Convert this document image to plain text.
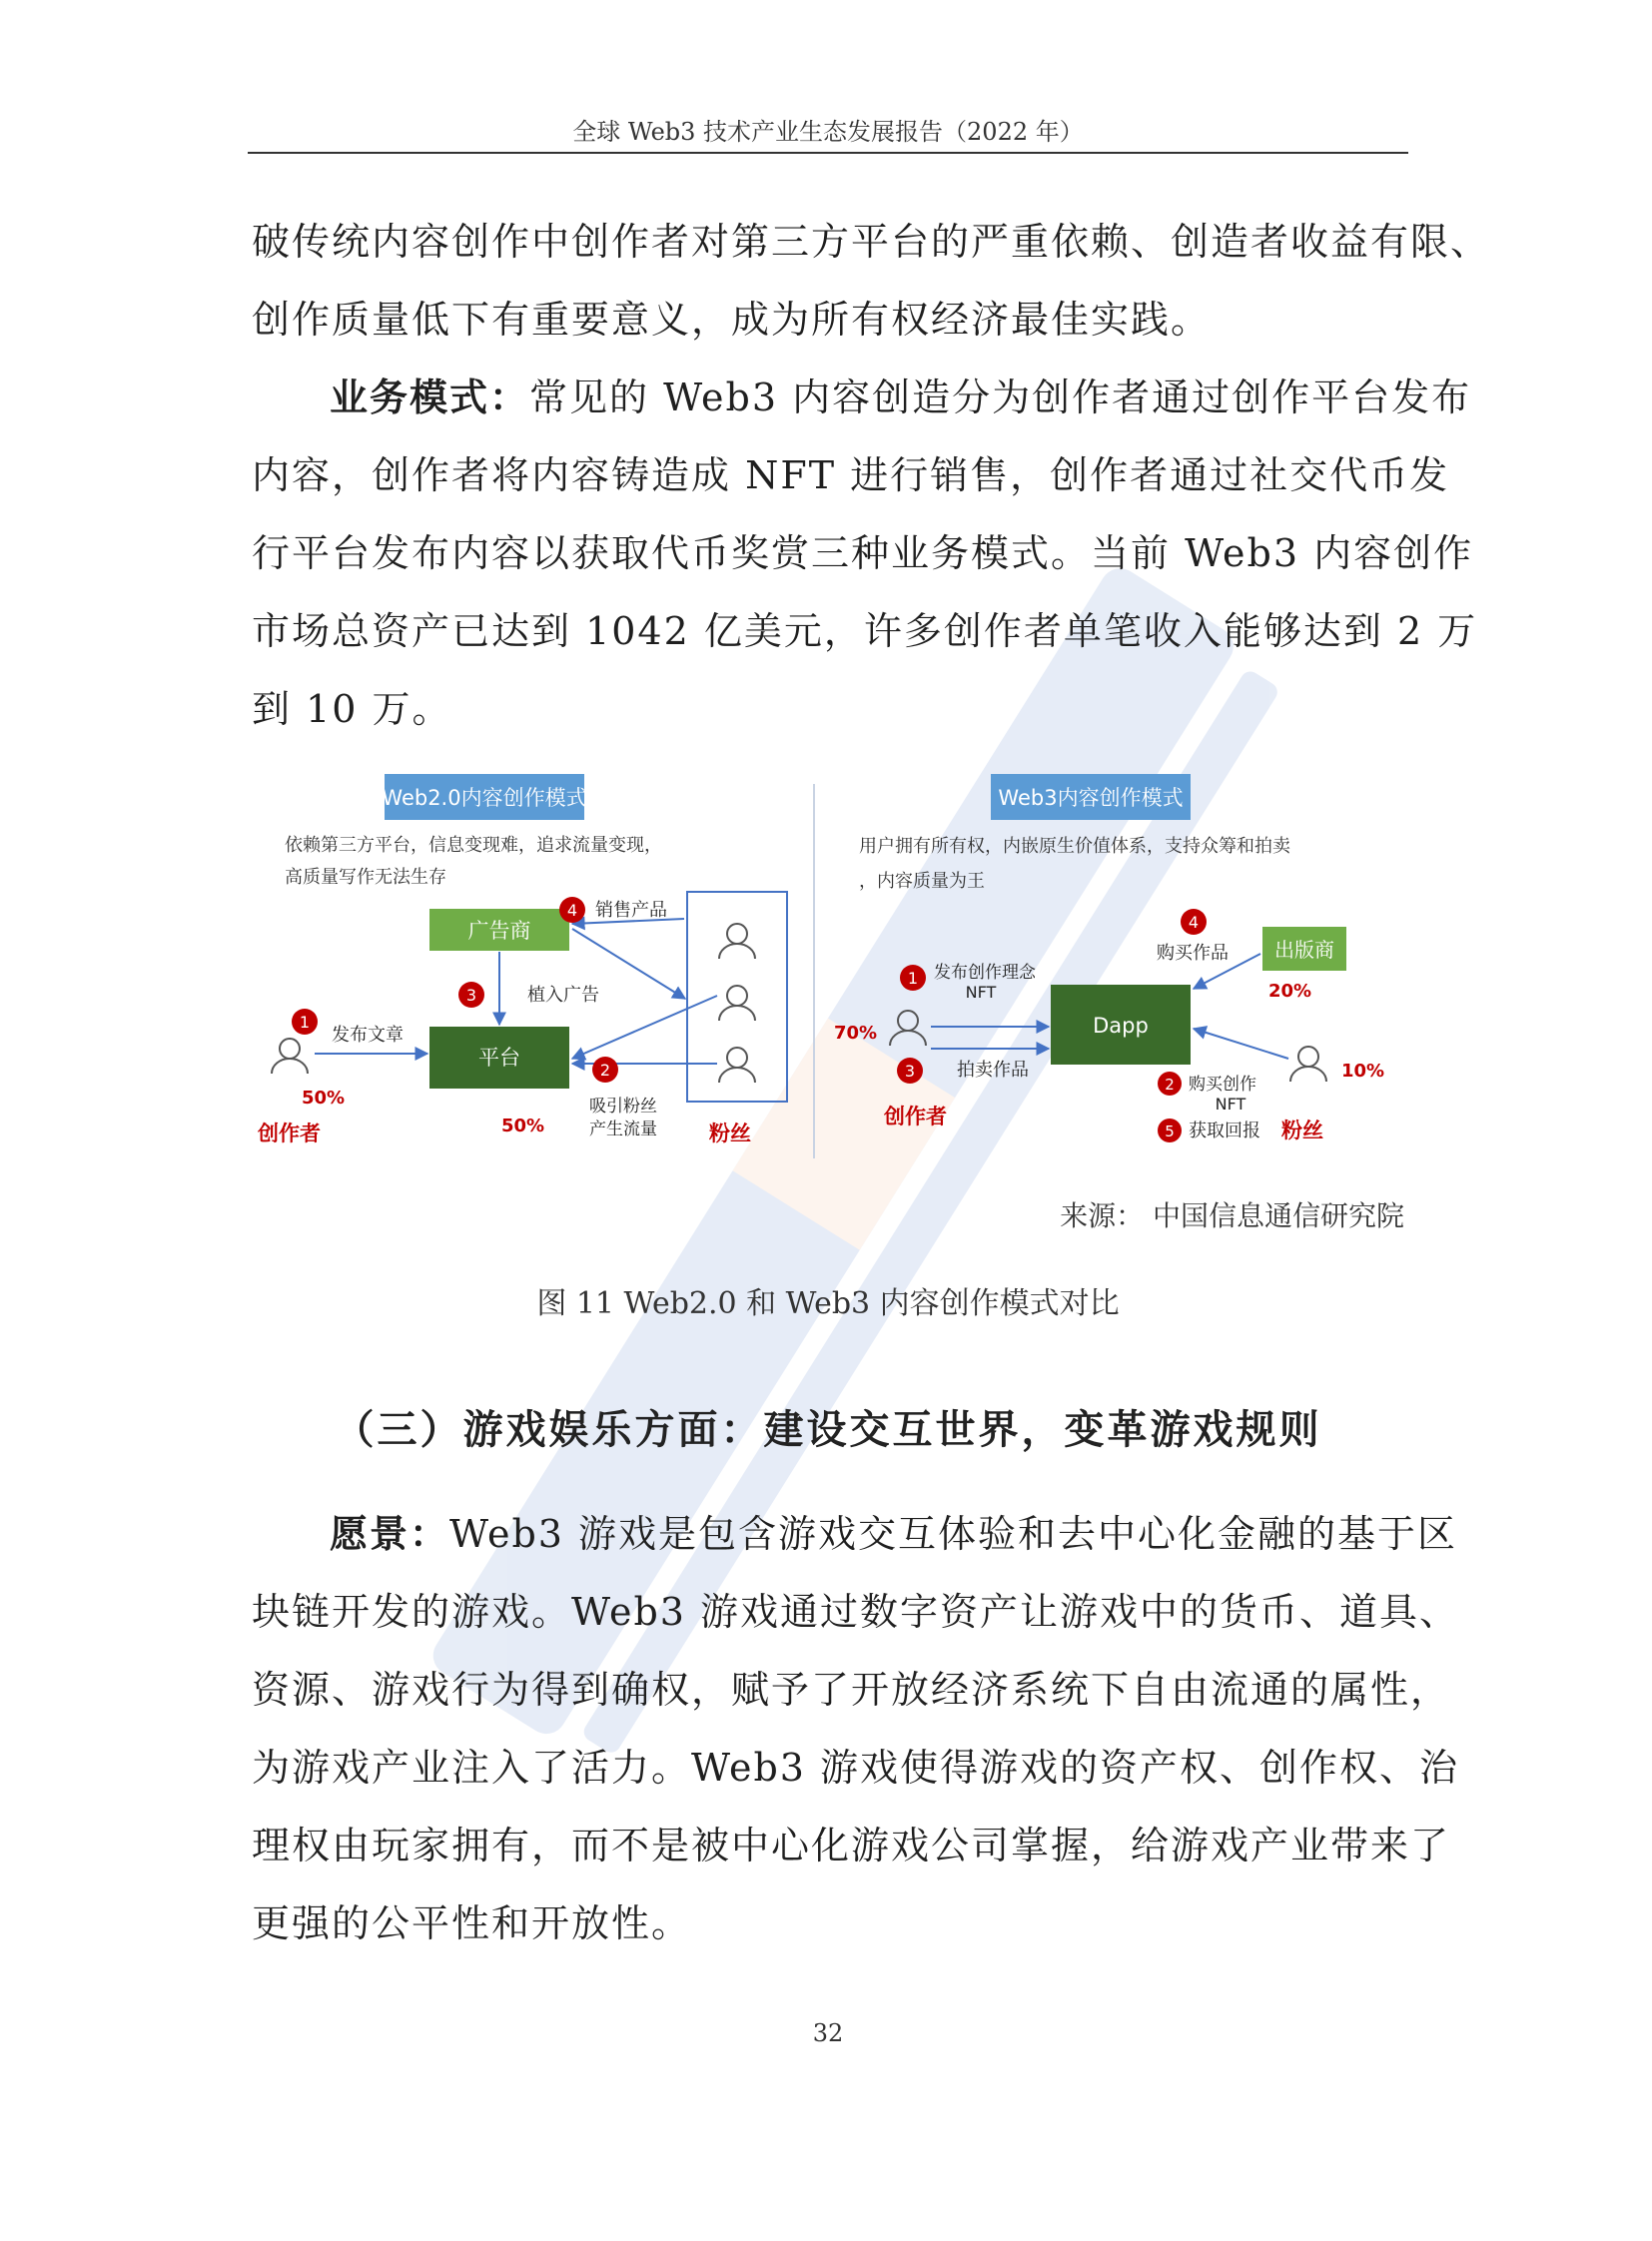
全球 Web3 技术产业生态发展报告（2022 年）
破传统内容创作中创作者对第三方平台的严重依赖、创造者收益有限、
创作质量低下有重要意义，成为所有权经济最佳实践。
业务模式：常见的 Web3 内容创造分为创作者通过创作平台发布
内容，创作者将内容铸造成 NFT 进行销售，创作者通过社交代币发
行平台发布内容以获取代币奖赏三种业务模式。当前 Web3 内容创作
市场总资产已达到 1042 亿美元，许多创作者单笔收入能够达到 2 万
到 10 万。
Web2.0内容创作模式
依赖第三方平台，信息变现难，追求流量变现，
高质量写作无法生存
广告商
平台
1
发布文章
2
吸引粉丝
产生流量
3	植入广告
4 销售产品
50%
50%
创作者	粉丝
Web3内容创作模式
用户拥有所有权，内嵌原生价值体系，支持众筹和拍卖
，内容质量为王
Dapp
出版商
20%
1 发布创作理念
NFT
3 拍卖作品
4
购买作品
2 购买创作
NFT
5 获取回报
70%
10%
创作者
粉丝
来源： 中国信息通信研究院
图 11 Web2.0 和 Web3 内容创作模式对比
（三）游戏娱乐方面：建设交互世界，变革游戏规则
愿景：Web3 游戏是包含游戏交互体验和去中心化金融的基于区
块链开发的游戏。Web3 游戏通过数字资产让游戏中的货币、道具、
资源、游戏行为得到确权，赋予了开放经济系统下自由流通的属性，
为游戏产业注入了活力。Web3 游戏使得游戏的资产权、创作权、治
理权由玩家拥有，而不是被中心化游戏公司掌握，给游戏产业带来了
更强的公平性和开放性。
32
